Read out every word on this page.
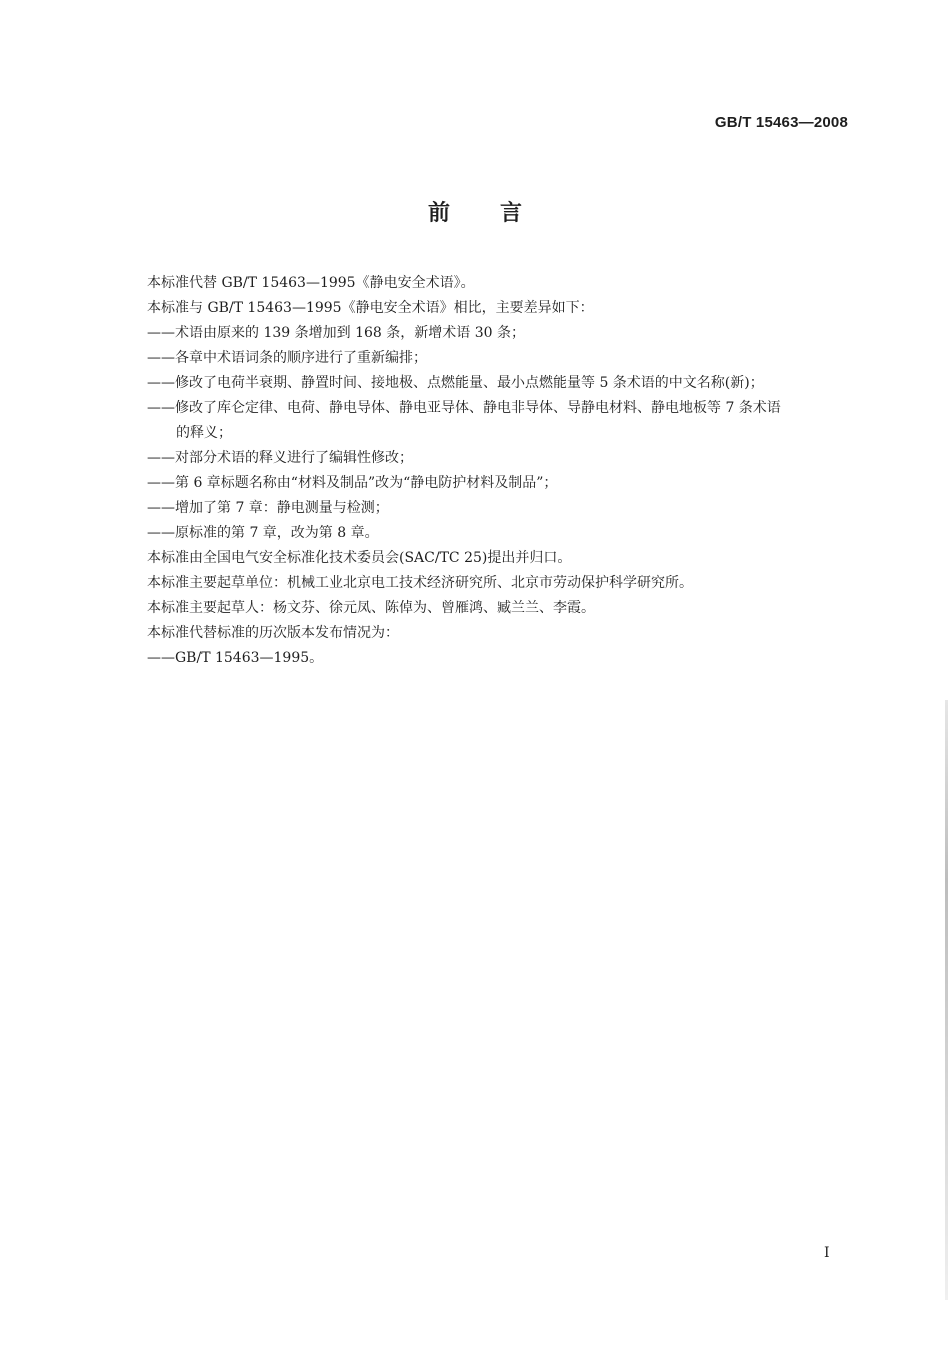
GB/T 15463—2008
前言

本标准代替 GB/T 15463—1995《静电安全术语》。

本标准与 GB/T 15463—1995《静电安全术语》相比，主要差异如下：

——术语由原来的 139 条增加到 168 条，新增术语 30 条；

——各章中术语词条的顺序进行了重新编排；

——修改了电荷半衰期、静置时间、接地极、点燃能量、最小点燃能量等 5 条术语的中文名称(新)；

——修改了库仑定律、电荷、静电导体、静电亚导体、静电非导体、导静电材料、静电地板等 7 条术语

的释义；

——对部分术语的释义进行了编辑性修改；

——第 6 章标题名称由“材料及制品”改为“静电防护材料及制品”；

——增加了第 7 章：静电测量与检测；

——原标准的第 7 章，改为第 8 章。

本标准由全国电气安全标准化技术委员会(SAC/TC 25)提出并归口。

本标准主要起草单位：机械工业北京电工技术经济研究所、北京市劳动保护科学研究所。

本标准主要起草人：杨文芬、徐元凤、陈倬为、曾雁鸿、臧兰兰、李霞。

本标准代替标准的历次版本发布情况为：

——GB/T 15463—1995。

I
